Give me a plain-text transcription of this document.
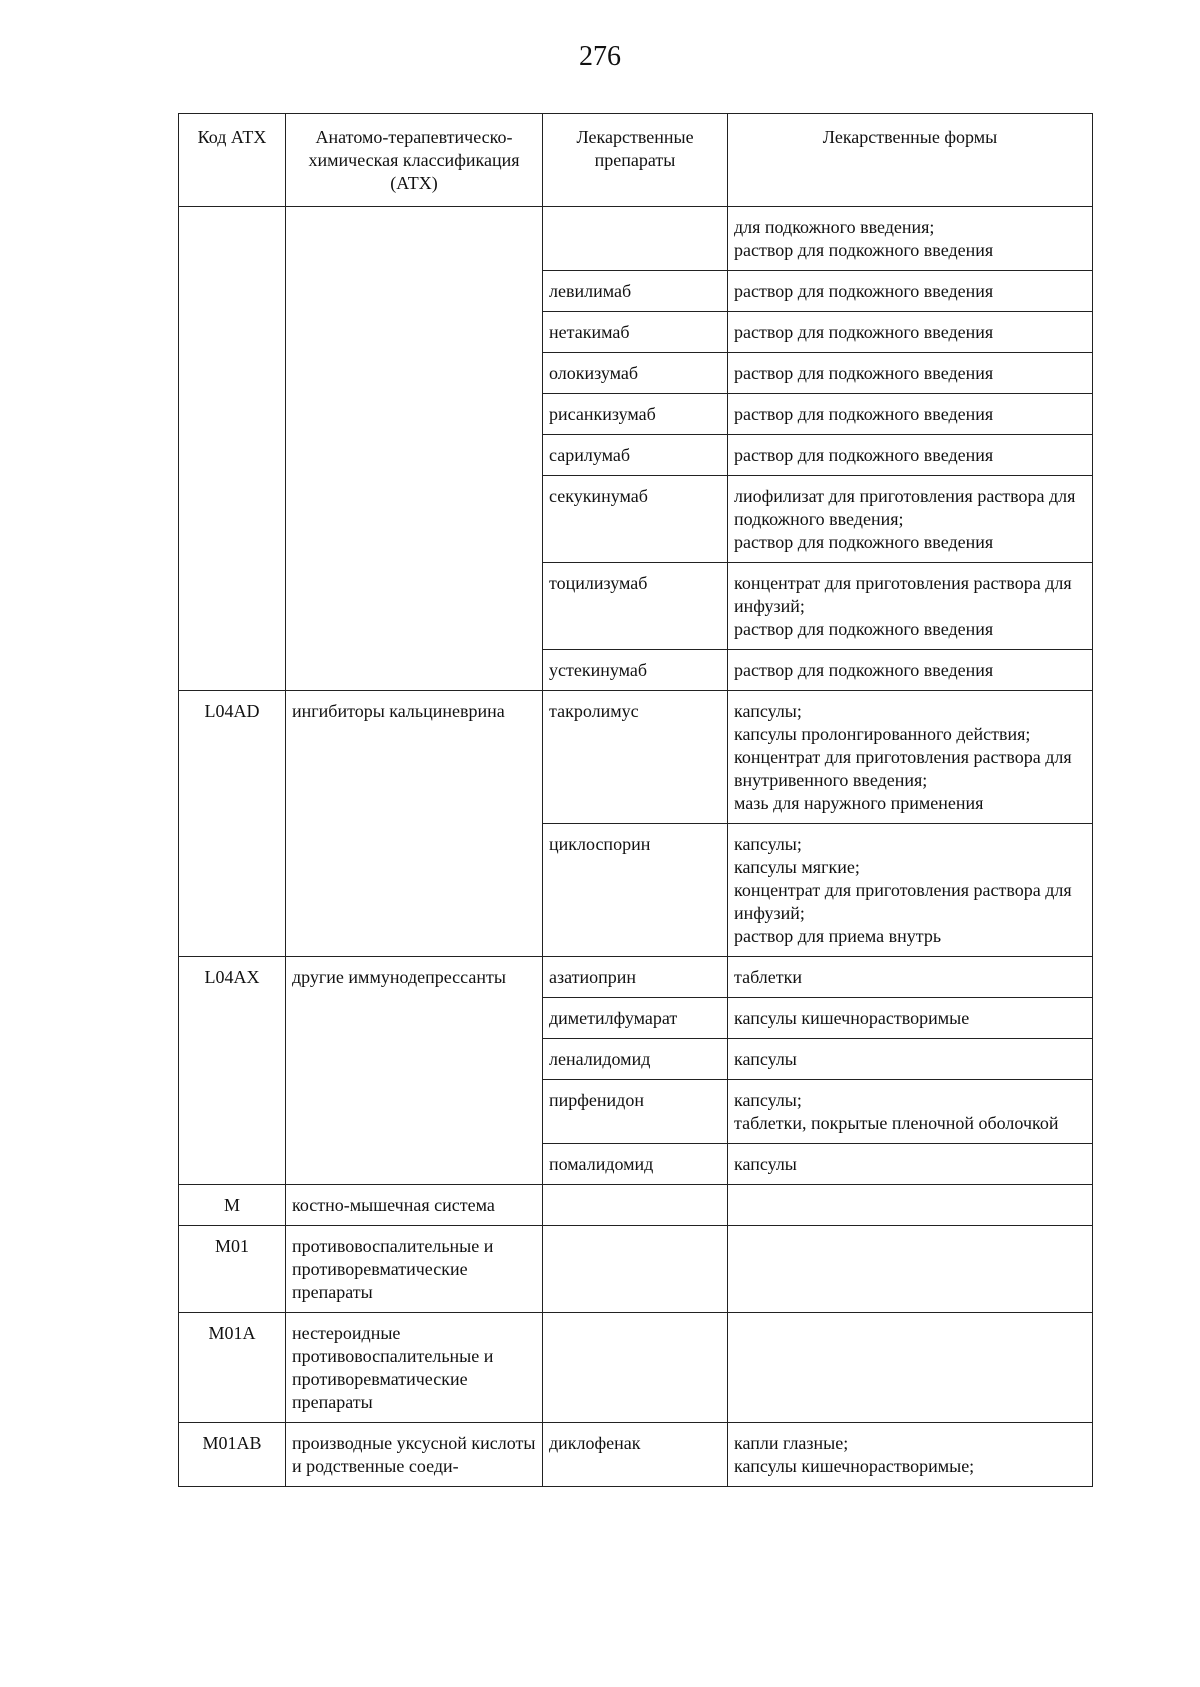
276
Код АТХ	Анатомо-терапевтическо-химическая классификация (АТХ)	Лекарственные препараты	Лекарственные формы
			для подкожного введения;
раствор для подкожного введения
		левилимаб	раствор для подкожного введения
		нетакимаб	раствор для подкожного введения
		олокизумаб	раствор для подкожного введения
		рисанкизумаб	раствор для подкожного введения
		сарилумаб	раствор для подкожного введения
		секукинумаб	лиофилизат для приготовления раствора для подкожного введения;
раствор для подкожного введения
		тоцилизумаб	концентрат для приготовления раствора для инфузий;
раствор для подкожного введения
		устекинумаб	раствор для подкожного введения
L04AD	ингибиторы кальциневрина	такролимус	капсулы;
капсулы пролонгированного действия;
концентрат для приготовления раствора для внутривенного введения;
мазь для наружного применения
		циклоспорин	капсулы;
капсулы мягкие;
концентрат для приготовления раствора для инфузий;
раствор для приема внутрь
L04AX	другие иммунодепрессанты	азатиоприн	таблетки
		диметилфумарат	капсулы кишечнорастворимые
		леналидомид	капсулы
		пирфенидон	капсулы;
таблетки, покрытые пленочной оболочкой
		помалидомид	капсулы
M	костно-мышечная система		
M01	противовоспалительные и противоревматические препараты		
M01A	нестероидные противовоспалительные и противоревматические препараты		
M01AB	производные уксусной кислоты и родственные соеди-	диклофенак	капли глазные;
капсулы кишечнорастворимые;
